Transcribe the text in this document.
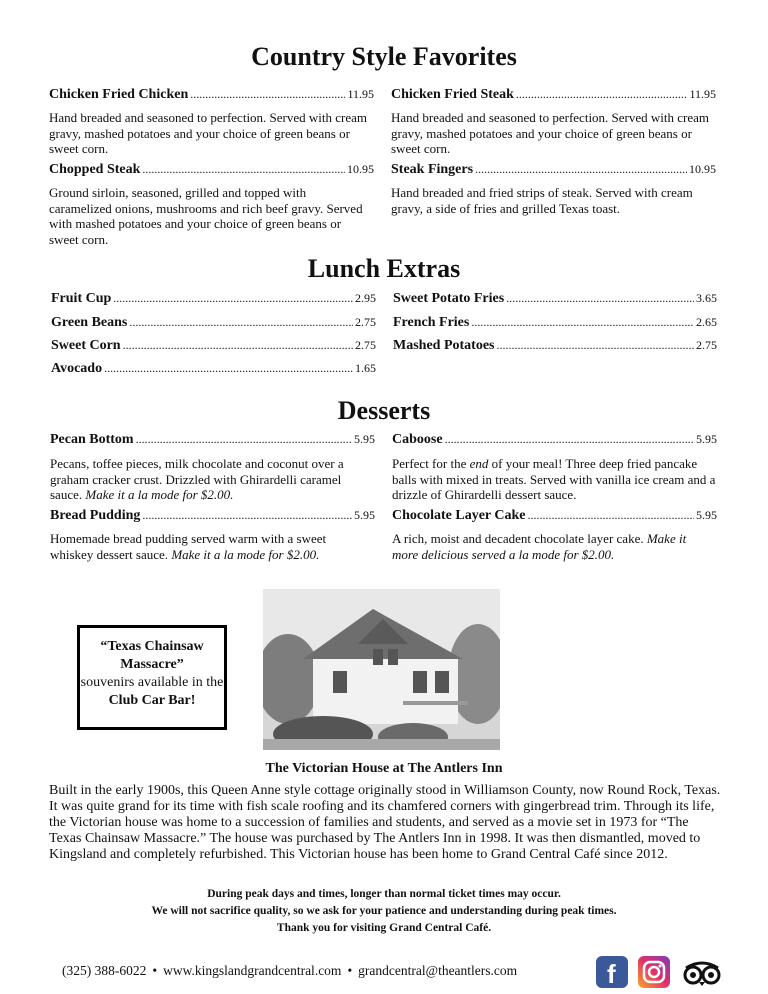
Country Style Favorites
Chicken Fried Chicken .....	11.95
Hand breaded and seasoned to perfection. Served with cream gravy, mashed potatoes and your choice of green beans or sweet corn.
Chicken Fried Steak .....	11.95
Hand breaded and seasoned to perfection. Served with cream gravy, mashed potatoes and your choice of green beans or sweet corn.
Chopped Steak .....	10.95
Ground sirloin, seasoned, grilled and topped with caramelized onions, mushrooms and rich beef gravy. Served with mashed potatoes and your choice of green beans or sweet corn.
Steak Fingers .....	10.95
Hand breaded and fried strips of steak. Served with cream gravy, a side of fries and grilled Texas toast.
Lunch Extras
Fruit Cup .....	2.95 Sweet Potato Fries .....	3.65
Green Beans .....	2.75 French Fries .....	2.65
Sweet Corn .....	2.75 Mashed Potatoes .....	2.75
Avocado .....	1.65
Desserts
Pecan Bottom .....	5.95
Pecans, toffee pieces, milk chocolate and coconut over a graham cracker crust. Drizzled with Ghirardelli caramel sauce. Make it a la mode for $2.00.
Caboose .....	5.95
Perfect for the end of your meal! Three deep fried pancake balls with mixed in treats. Served with vanilla ice cream and a drizzle of Ghirardelli dessert sauce.
Bread Pudding .....	5.95
Homemade bread pudding served warm with a sweet whiskey dessert sauce. Make it a la mode for $2.00.
Chocolate Layer Cake .....	5.95
A rich, moist and decadent chocolate layer cake. Make it more delicious served a la mode for $2.00.
“Texas Chainsaw Massacre”
souvenirs available in the
Club Car Bar!
The Victorian House at The Antlers Inn
Built in the early 1900s, this Queen Anne style cottage originally stood in Williamson County, now Round Rock, Texas. It was quite grand for its time with fish scale roofing and its chamfered corners with gingerbread trim. Through its life, the Victorian house was home to a succession of families and students, and served as a movie set in 1973 for “The Texas Chainsaw Massacre.” The house was purchased by The Antlers Inn in 1998. It was then dismantled, moved to Kingsland and completely refurbished. This Victorian house has been home to Grand Central Café since 2012.
During peak days and times, longer than normal ticket times may occur.
We will not sacrifice quality, so we ask for your patience and understanding during peak times.
Thank you for visiting Grand Central Café.
(325) 388-6022 • www.kingslandgrandcentral.com • grandcentral@theantlers.com	f
